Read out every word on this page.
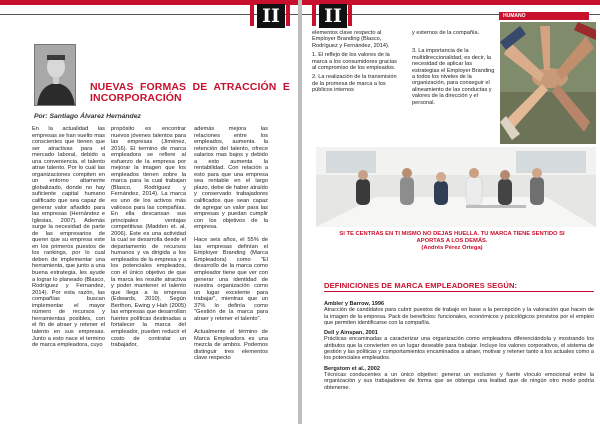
II
NUEVAS FORMAS DE ATRACCIÓN E INCORPORACIÓN
Por: Santiago Álvarez Hernández
En la actualidad las empresas se han vuelto mas conscientes que tienen que ser atractivas para el mercado laboral, debido a una conveniencia, el talento atrae talento. Por lo cual las organizaciones compiten en un entorno altamente globalizado, donde no hay suficiente capital humano calificado que sea capaz de generar valor añadido para las empresas (Hernández e Iglesias, 2007). Además surge la necesidad de parte de las empresarios de querer que su empresa este en los primeros puestos de los rankings, por lo cual deben de implementar una herramienta, que junto a una buena estrategia, les ayude a lograr lo planeado (Blasco, Rodríguez y Fernandez, 2014). Por esta razón, las compañías buscan implementar el mayor número de recursos y herramientas posibles, con el fin de atraer y retener el talento en sus empresas. Junto a esto nace el termino de marca empleadora, cuyo
propósito es encontrar nuevos jóvenes talentos para las empresas (Jiménez, 2016). El termino de marca empleadora se refiere al esfuerzo de la empresa por mejorar la imagen que los empleados tienen sobre la marca para la cual trabajan (Blasco, Rodríguez y Fernández, 2014). La marca es uno de los activos más valiosos para las compañías. En ella descansan sus principales ventajas competitivas (Madden et. al, 2006). Este es una actividad la cual se desarrolla desde el departamento de recursos humanos y va dirigida a los empleados de la empresa y a los potenciales empleados, con el único objetivo de que la marca les resulte atractiva y poder mantener el talento que llega a la empresa (Edwards, 2010). Según Berthon, Ewing y Hah (2005) las empresas que desarrollan fuertes políticas destinadas a fortalecer la marca del empleador, pueden reducir el costo de contratar un trabajador,
además mejora las relaciones entre los empleados, aumenta la retención del talento, ofrece salarios mas bajos y debido a esto aumenta la rentabilidad. Con relación a esto para que una empresa sea rentable en el largo plazo, debe de haber atraído y conservado trabajadores calificados que sean capaz de agregar un valor para las empresas y puedan cumplir con los objetivos de la empresa.

Hace seis años, el 55% de las empresas definían el Employer Branding (Marca Empleadora) como "El desarrollo de la marca como empleador tiene que ver con generar una identidad de nuestra organización como un lugar excelente para trabajar", mientras que un 37% lo definía como "Gestión de la marca para atraer y retener el talento".

Actualmente el término de Marca Empleadora es una mezcla de ambos. Podemos distinguir tres elementos clave respecto
II	HUMANO

elementos clave respecto al Employer Branding (Blasco, Rodríguez y Fernández, 2014).

1. El reflejo de los valores de la marca a los consumidores gracias al compromiso de los empleados.

2. La realización de la transmisión de la promesa de marca a los públicos internos

y externos de la compañía.

3. La importancia de la multidireccionalidad, es decir, la necesidad de aplicar las estrategias el Employer Branding a todos los niveles de la organización, para conseguir el alineamiento de las conductas y valores de la dirección y el personal.

SI TE CENTRAS EN TI MISMO NO DEJAS HUELLA. TU MARCA TIENE SENTIDO SI APORTAS A LOS DEMÁS.
(Andrés Pérez Ortega)
DEFINICIONES DE MARCA EMPLEADORES SEGÚN:
Ambler y Barrow, 1996
Atracción de candidatos para cubrir puestos de trabajo en base a la percepción y la valoración que hacen de la imagen de la empresa. Pack de beneficios: funcionales, económicos y psicológicos provistos por el empleo que permiten identificarse con la compañía.
Dell y Ainspan, 2001
Prácticas encaminadas a caracterizar una organización como empleadora diferenciándola y mostrando los atributos que la convierten en un lugar deseable para trabajar. Incluye los valores corporativos, el sistema de gestión y las políticas y comportamientos encaminados a atraer, motivar y retener tanto a los actuales como a los potenciales empleados.
Bergstom et al., 2002
Técnicas conducentes a un único objetivo: generar un exclusivo y fuerte vínculo emocional entre la organización y sus trabajadores de forma que se obtenga una lealtad que de ningún otro modo podría obtenerse.
